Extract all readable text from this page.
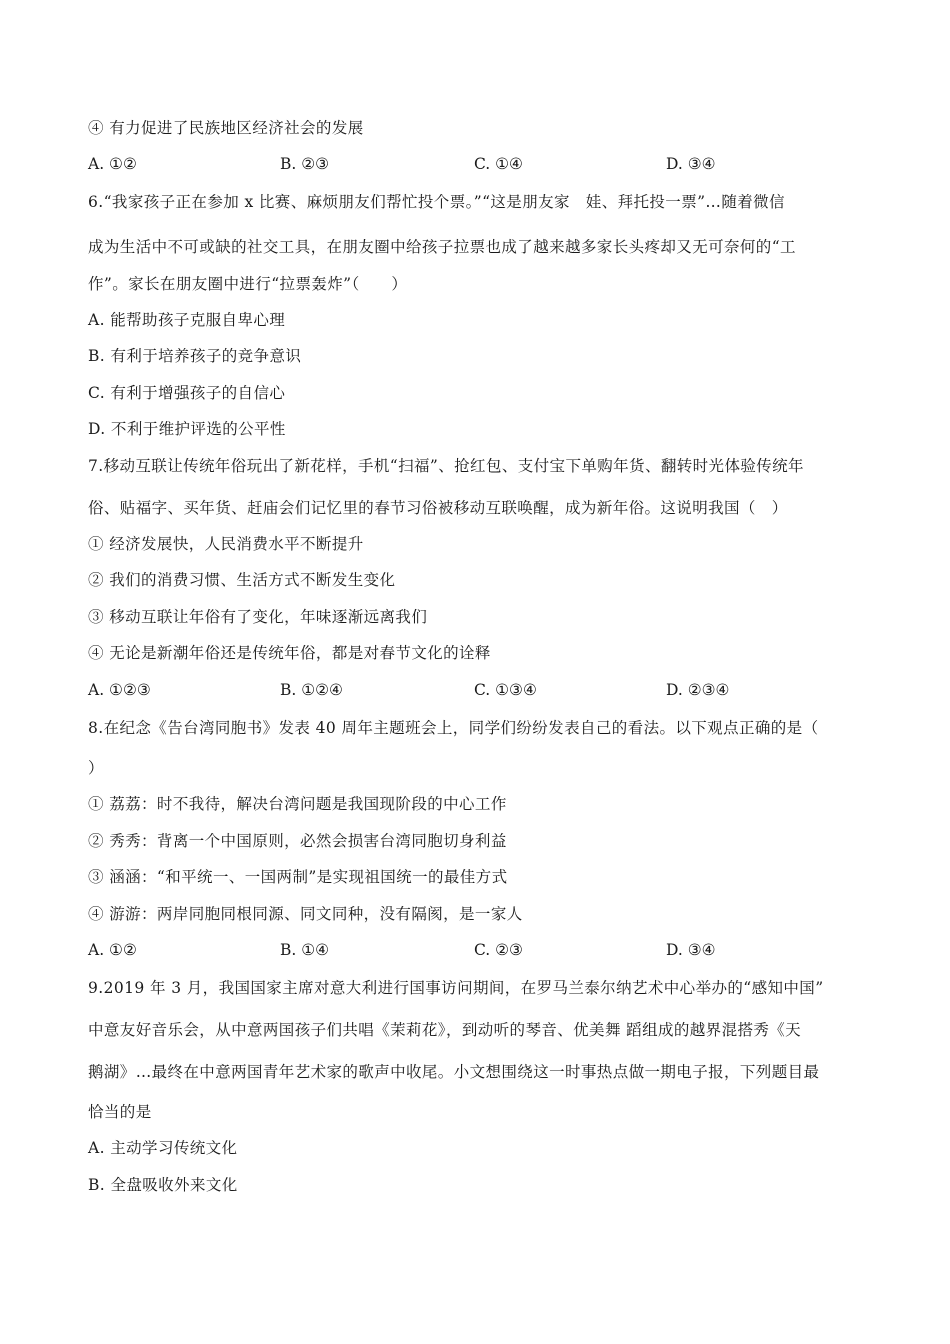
④ 有力促进了民族地区经济社会的发展
A. ①②	B. ②③	C. ①④	D. ③④
6.“我家孩子正在参加 x 比赛、麻烦朋友们帮忙投个票。”“这是朋友家　娃、拜托投一票”…随着微信
成为生活中不可或缺的社交工具，在朋友圈中给孩子拉票也成了越来越多家长头疼却又无可奈何的“工
作”。家长在朋友圈中进行“拉票轰炸”（　　）
A. 能帮助孩子克服自卑心理
B. 有利于培养孩子的竞争意识
C. 有利于增强孩子的自信心
D. 不利于维护评选的公平性
7.移动互联让传统年俗玩出了新花样，手机“扫福”、抢红包、支付宝下单购年货、翻转时光体验传统年
俗、贴福字、买年货、赶庙会们记忆里的春节习俗被移动互联唤醒，成为新年俗。这说明我国（　）
① 经济发展快，人民消费水平不断提升
② 我们的消费习惯、生活方式不断发生变化
③ 移动互联让年俗有了变化，年味逐渐远离我们
④ 无论是新潮年俗还是传统年俗，都是对春节文化的诠释
A. ①②③	B. ①②④	C. ①③④	D. ②③④
8.在纪念《告台湾同胞书》发表 40 周年主题班会上，同学们纷纷发表自己的看法。以下观点正确的是（
）
① 荔荔：时不我待，解决台湾问题是我国现阶段的中心工作
② 秀秀：背离一个中国原则，必然会损害台湾同胞切身利益
③ 涵涵：“和平统一、一国两制”是实现祖国统一的最佳方式
④ 游游：两岸同胞同根同源、同文同种，没有隔阂，是一家人
A. ①②	B. ①④	C. ②③	D. ③④
9.2019 年 3 月，我国国家主席对意大利进行国事访问期间，在罗马兰泰尔纳艺术中心举办的“感知中国”
中意友好音乐会，从中意两国孩子们共唱《茉莉花》，到动听的琴音、优美舞 蹈组成的越界混搭秀《天
鹅湖》…最终在中意两国青年艺术家的歌声中收尾。小文想围绕这一时事热点做一期电子报，下列题目最
恰当的是
A. 主动学习传统文化
B. 全盘吸收外来文化
